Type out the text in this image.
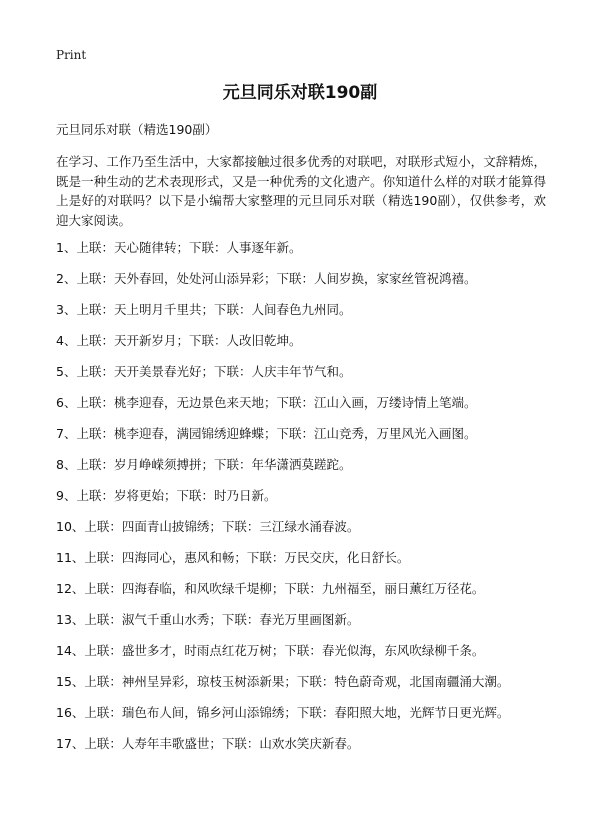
Print
元旦同乐对联190副

元旦同乐对联（精选190副）

在学习、工作乃至生活中，大家都接触过很多优秀的对联吧，对联形式短小，文辞精炼，既是一种生动的艺术表现形式，又是一种优秀的文化遗产。你知道什么样的对联才能算得上是好的对联吗？以下是小编帮大家整理的元旦同乐对联（精选190副），仅供参考，欢迎大家阅读。

1、上联：天心随律转；下联：人事逐年新。
2、上联：天外春回，处处河山添异彩；下联：人间岁换，家家丝管祝鸿禧。
3、上联：天上明月千里共；下联：人间春色九州同。
4、上联：天开新岁月；下联：人改旧乾坤。
5、上联：天开美景春光好；下联：人庆丰年节气和。
6、上联：桃李迎春，无边景色来天地；下联：江山入画，万缕诗情上笔端。
7、上联：桃李迎春，满园锦绣迎蜂蝶；下联：江山竞秀，万里风光入画图。
8、上联：岁月峥嵘须搏拼；下联：年华潇洒莫蹉跎。
9、上联：岁将更始；下联：时乃日新。
10、上联：四面青山披锦绣；下联：三江绿水涌春波。
11、上联：四海同心，惠风和畅；下联：万民交庆，化日舒长。
12、上联：四海春临，和风吹绿千堤柳；下联：九州福至，丽日薰红万径花。
13、上联：淑气千重山水秀；下联：春光万里画图新。
14、上联：盛世多才，时雨点红花万树；下联：春光似海，东风吹绿柳千条。
15、上联：神州呈异彩，琼枝玉树添新果；下联：特色蔚奇观，北国南疆涌大潮。
16、上联：瑞色布人间，锦乡河山添锦绣；下联：春阳照大地，光辉节日更光辉。
17、上联：人寿年丰歌盛世；下联：山欢水笑庆新春。
